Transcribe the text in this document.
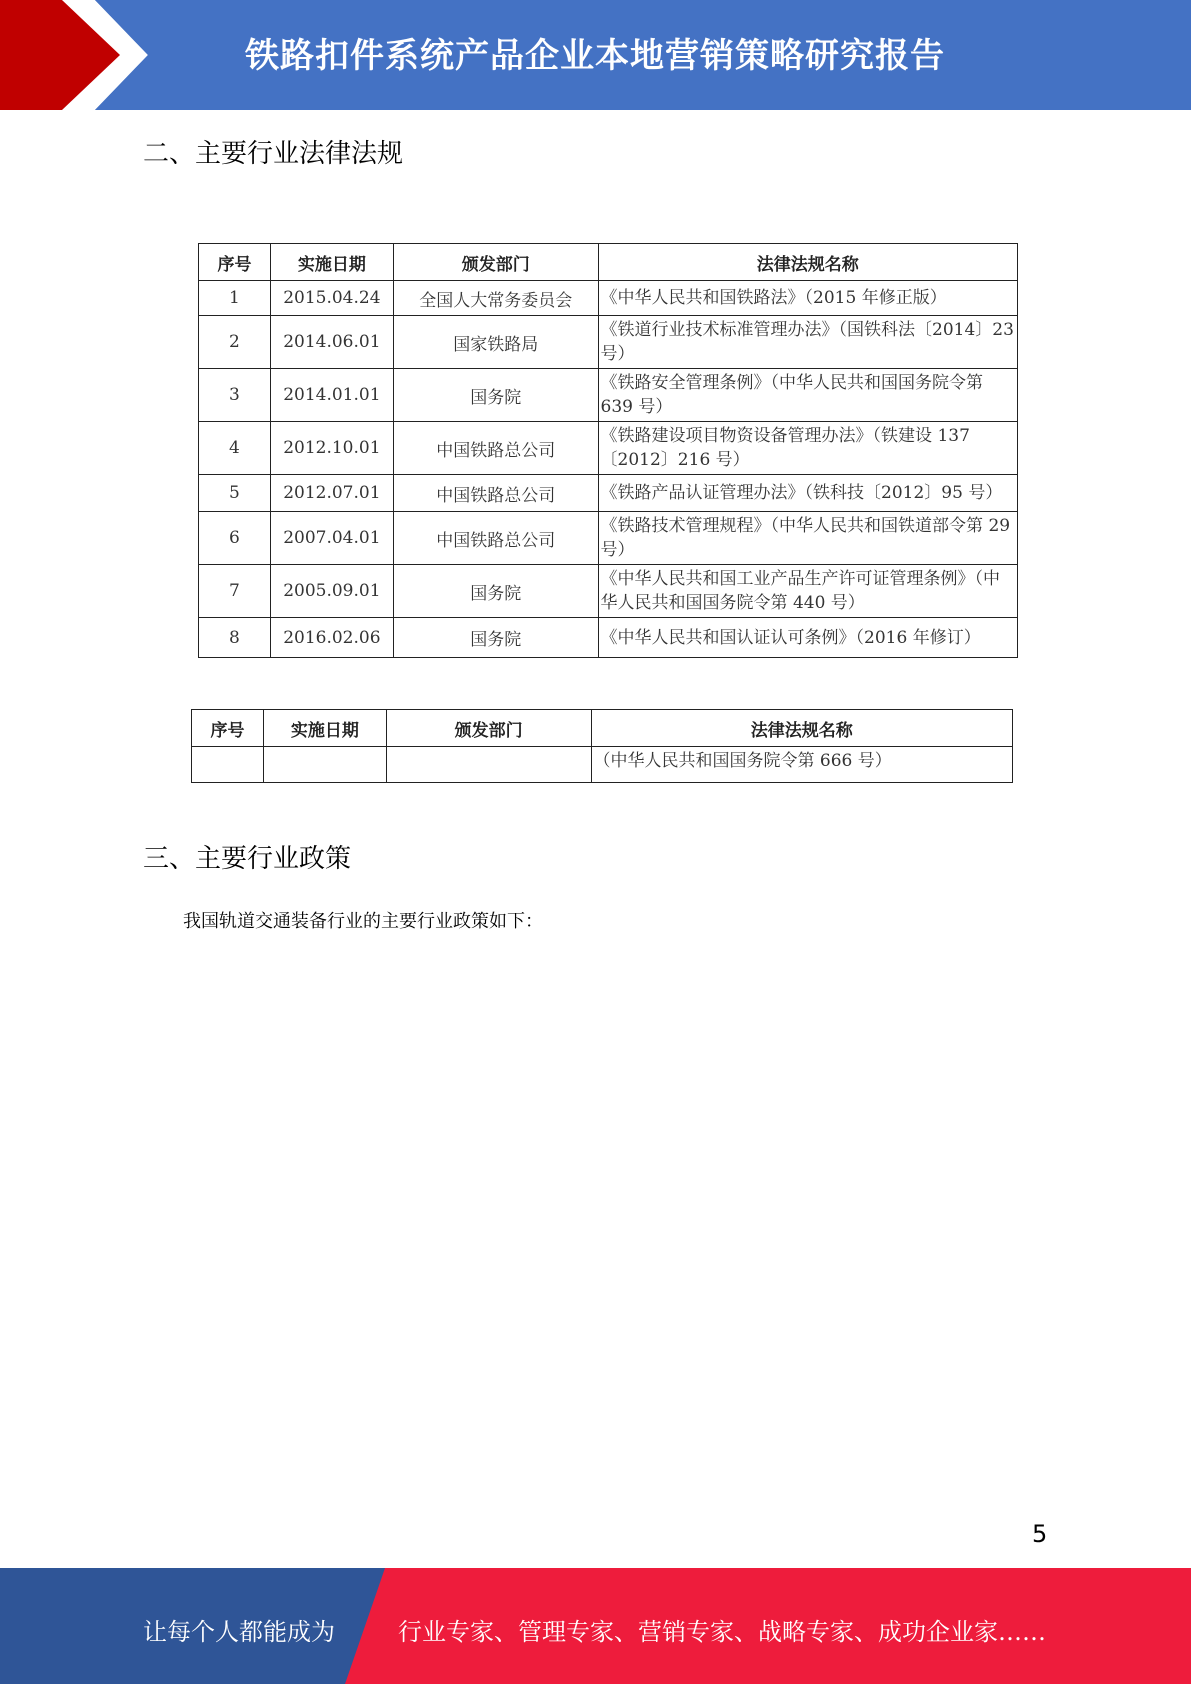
铁路扣件系统产品企业本地营销策略研究报告
二、主要行业法律法规
序号	实施日期	颁发部门	法律法规名称
1	2015.04.24	全国人大常务委员会	《中华人民共和国铁路法》（2015 年修正版）
2	2014.06.01	国家铁路局	《铁道行业技术标准管理办法》（国铁科法〔2014〕23 号）
3	2014.01.01	国务院	《铁路安全管理条例》（中华人民共和国国务院令第 639 号）
4	2012.10.01	中国铁路总公司	《铁路建设项目物资设备管理办法》（铁建设 137〔2012〕216 号）
5	2012.07.01	中国铁路总公司	《铁路产品认证管理办法》（铁科技〔2012〕95 号）
6	2007.04.01	中国铁路总公司	《铁路技术管理规程》（中华人民共和国铁道部令第 29 号）
7	2005.09.01	国务院	《中华人民共和国工业产品生产许可证管理条例》（中华人民共和国国务院令第 440 号）
8	2016.02.06	国务院	《中华人民共和国认证认可条例》（2016 年修订）
序号	实施日期	颁发部门	法律法规名称
			（中华人民共和国国务院令第 666 号）
三、主要行业政策
我国轨道交通装备行业的主要行业政策如下：
5
让每个人都能成为	行业专家、管理专家、营销专家、战略专家、成功企业家……
